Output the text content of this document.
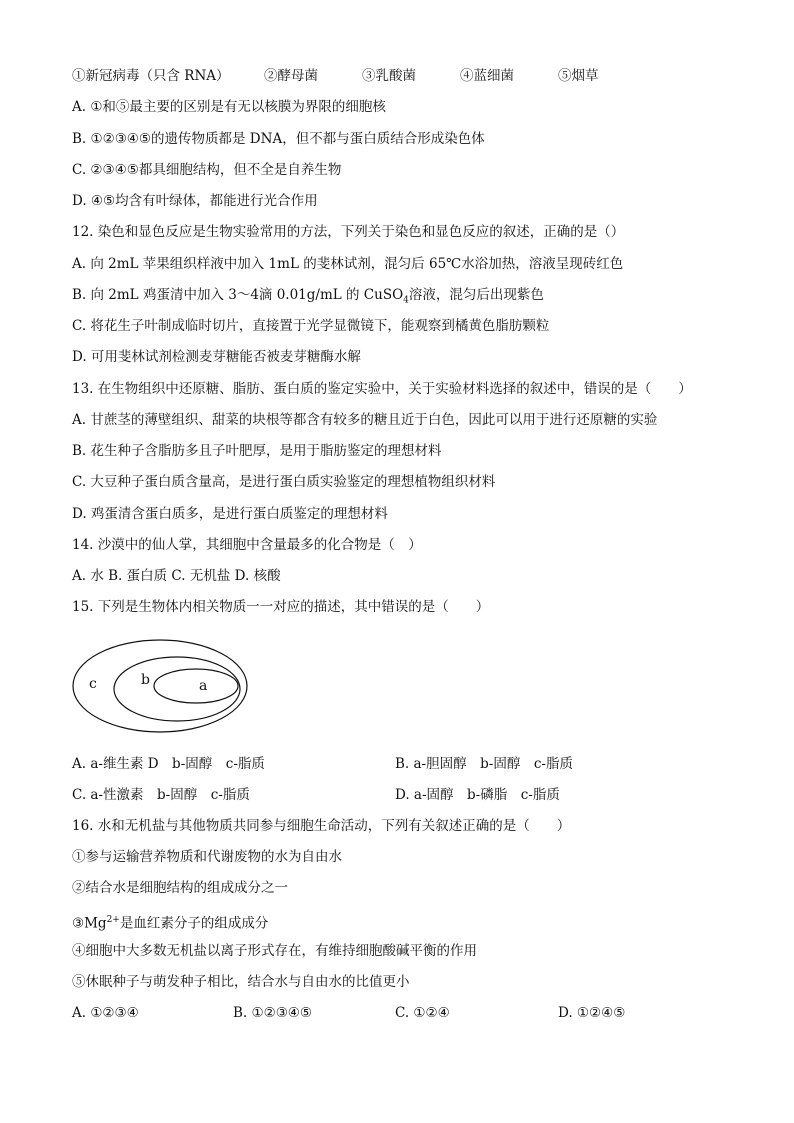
①新冠病毒（只含 RNA）	②酵母菌	③乳酸菌	④蓝细菌	⑤烟草
A. ①和⑤最主要的区别是有无以核膜为界限的细胞核
B. ①②③④⑤的遗传物质都是 DNA，但不都与蛋白质结合形成染色体
C. ②③④⑤都具细胞结构，但不全是自养生物
D. ④⑤均含有叶绿体，都能进行光合作用
12. 染色和显色反应是生物实验常用的方法，下列关于染色和显色反应的叙述，正确的是（）
A. 向 2mL 苹果组织样液中加入 1mL 的斐林试剂，混匀后 65℃水浴加热，溶液呈现砖红色
B. 向 2mL 鸡蛋清中加入 3～4滴 0.01g/mL 的 CuSO$_4$溶液，混匀后出现紫色
C. 将花生子叶制成临时切片，直接置于光学显微镜下，能观察到橘黄色脂肪颗粒
D. 可用斐林试剂检测麦芽糖能否被麦芽糖酶水解
13. 在生物组织中还原糖、脂肪、蛋白质的鉴定实验中，关于实验材料选择的叙述中，错误的是（　　）
A. 甘蔗茎的薄壁组织、甜菜的块根等都含有较多的糖且近于白色，因此可以用于进行还原糖的实验
B. 花生种子含脂肪多且子叶肥厚，是用于脂肪鉴定的理想材料
C. 大豆种子蛋白质含量高，是进行蛋白质实验鉴定的理想植物组织材料
D. 鸡蛋清含蛋白质多，是进行蛋白质鉴定的理想材料
14. 沙漠中的仙人掌，其细胞中含量最多的化合物是（　）
A. 水 B. 蛋白质 C. 无机盐 D. 核酸
15. 下列是生物体内相关物质一一对应的描述，其中错误的是（　　）
c	b	a
A. a-维生素 D　b-固醇　c-脂质	B. a-胆固醇　b-固醇　c-脂质
C. a-性激素　b-固醇　c-脂质	D. a-固醇　b-磷脂　c-脂质
16. 水和无机盐与其他物质共同参与细胞生命活动，下列有关叙述正确的是（　　）
①参与运输营养物质和代谢废物的水为自由水
②结合水是细胞结构的组成成分之一
$③Mg^{2+}$是血红素分子的组成成分
④细胞中大多数无机盐以离子形式存在，有维持细胞酸碱平衡的作用
⑤休眠种子与萌发种子相比，结合水与自由水的比值更小
A. ①②③④	B. ①②③④⑤	C. ①②④	D. ①②④⑤
